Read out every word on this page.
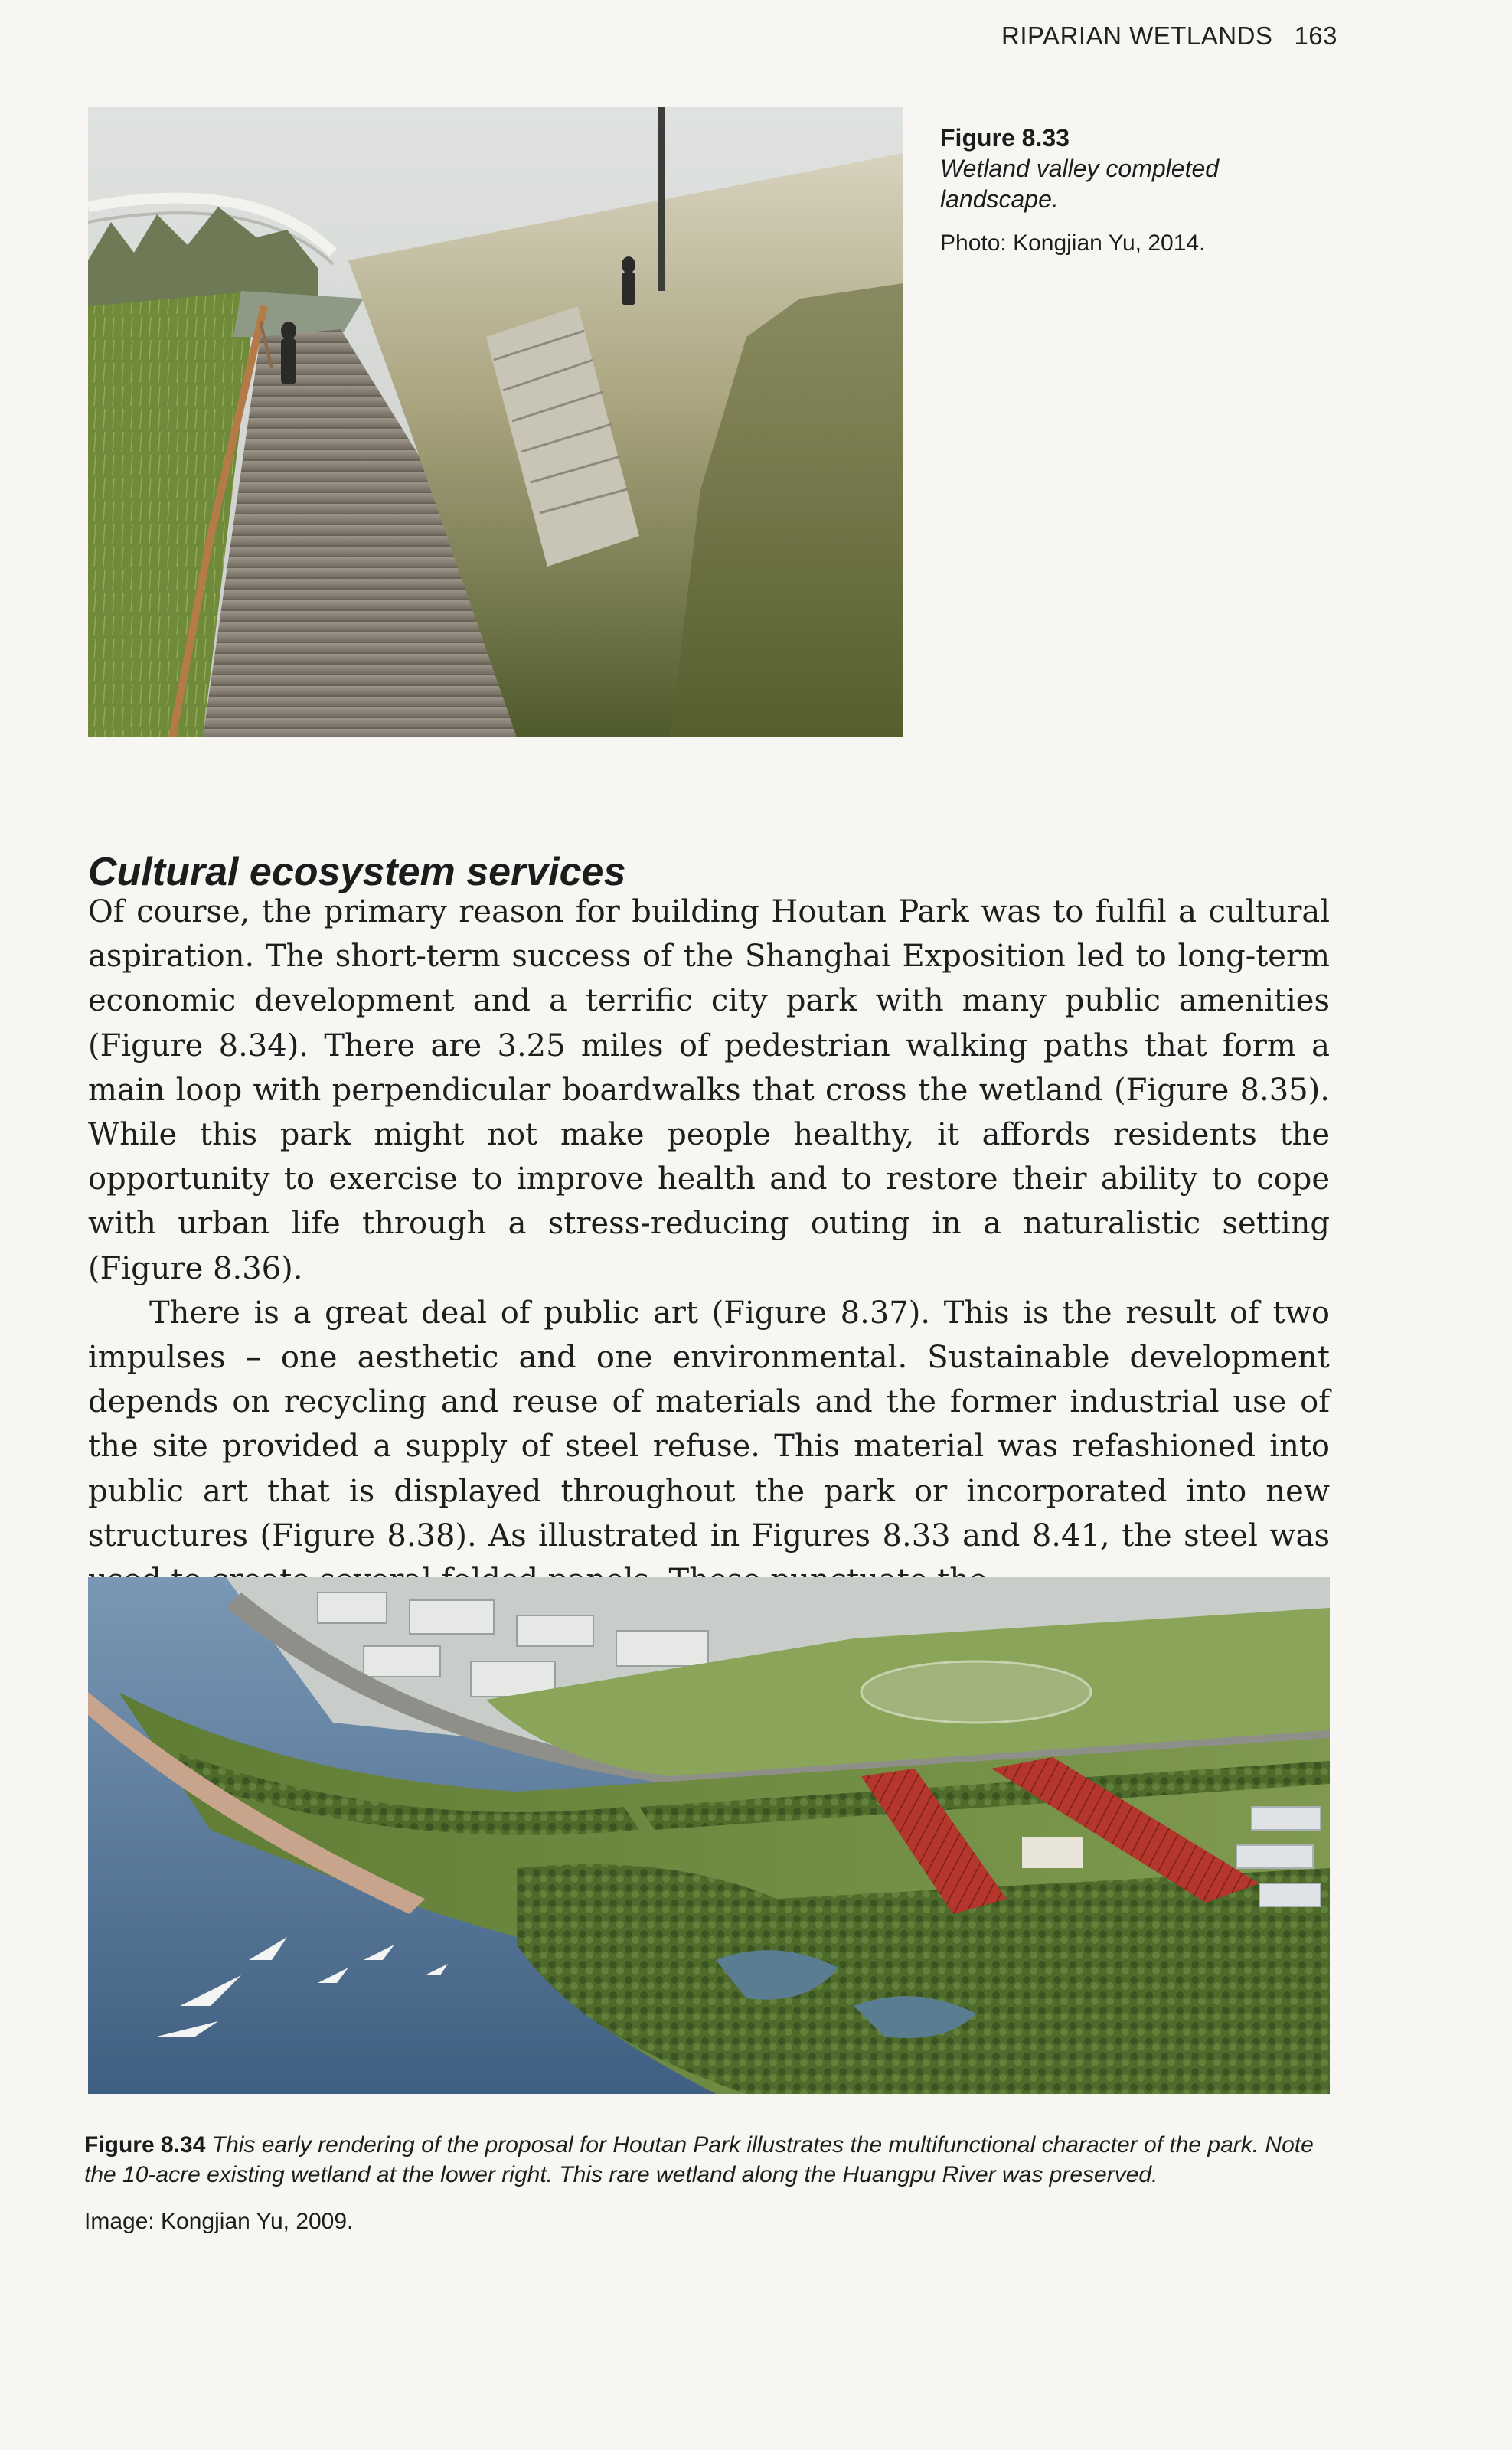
RIPARIAN WETLANDS 163
Figure 8.33
Wetland valley completed landscape.
Photo: Kongjian Yu, 2014.
Cultural ecosystem services

Of course, the primary reason for building Houtan Park was to fulfil a cultural aspiration. The short-term success of the Shanghai Exposition led to long-term economic development and a terrific city park with many public amenities (Figure 8.34). There are 3.25 miles of pedestrian walking paths that form a main loop with perpendicular boardwalks that cross the wetland (Figure 8.35). While this park might not make people healthy, it affords residents the opportunity to exercise to improve health and to restore their ability to cope with urban life through a stress-reducing outing in a naturalistic setting (Figure 8.36).

There is a great deal of public art (Figure 8.37). This is the result of two impulses – one aesthetic and one environmental. Sustainable development depends on recycling and reuse of materials and the former industrial use of the site provided a supply of steel refuse. This material was refashioned into public art that is displayed throughout the park or incorporated into new structures (Figure 8.38). As illustrated in Figures 8.33 and 8.41, the steel was

Figure 8.34 This early rendering of the proposal for Houtan Park illustrates the multifunctional character of the park. Note the 10-acre existing wetland at the lower right. This rare wetland along the Huangpu River was preserved.
Image: Kongjian Yu, 2009.
